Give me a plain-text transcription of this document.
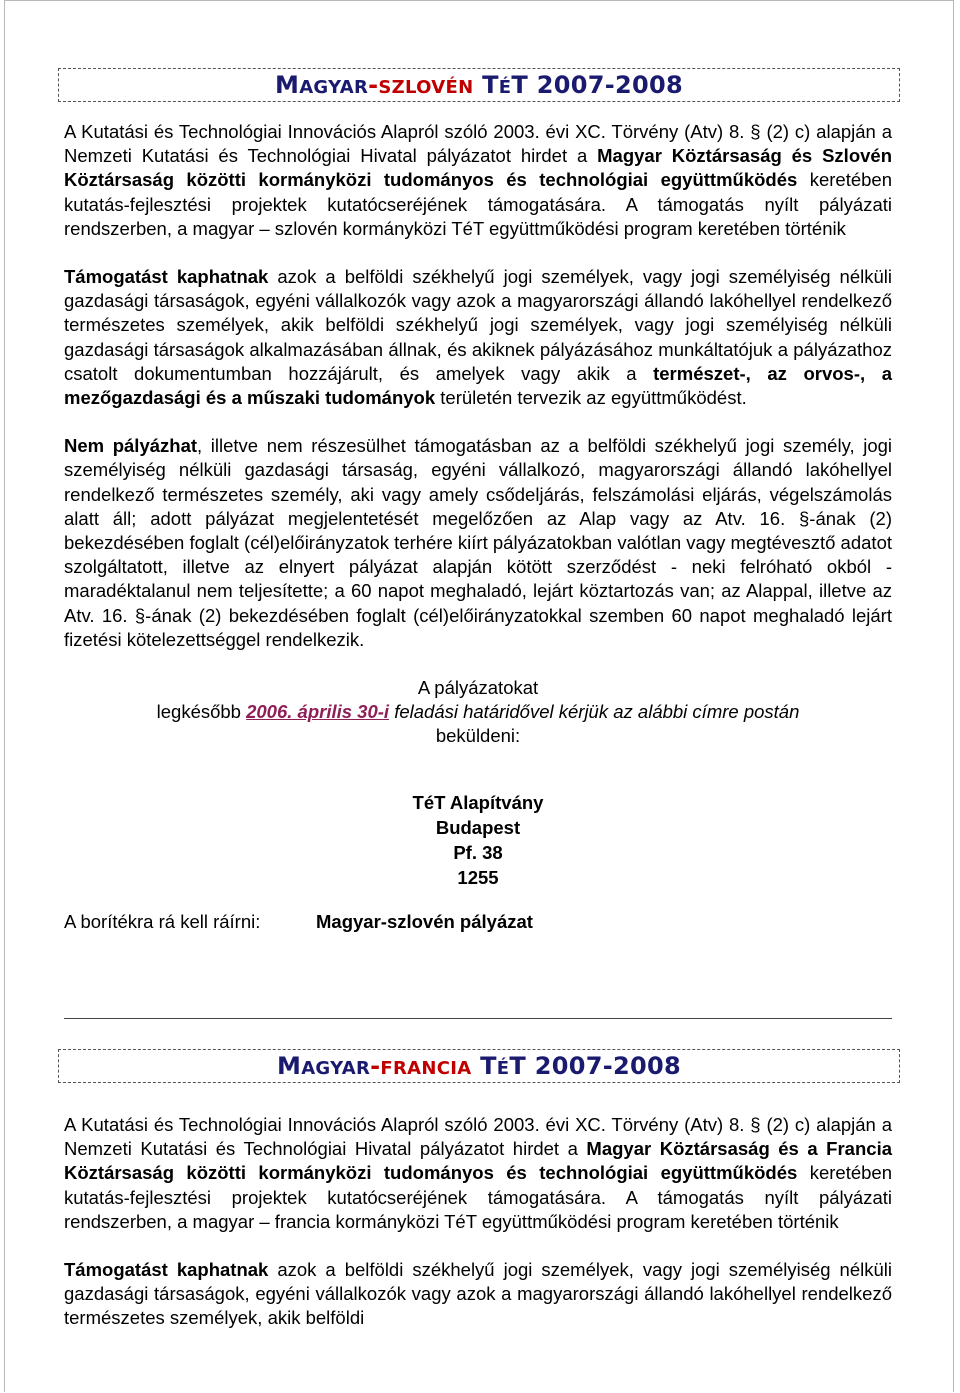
MAGYAR-SZLOVÉN TÉT 2007-2008

A Kutatási és Technológiai Innovációs Alapról szóló 2003. évi XC. Törvény (Atv) 8. § (2) c) alapján a Nemzeti Kutatási és Technológiai Hivatal pályázatot hirdet a Magyar Köztársaság és Szlovén Köztársaság közötti kormányközi tudományos és technológiai együttműködés keretében kutatás-fejlesztési projektek kutatócseréjének támogatására. A támogatás nyílt pályázati rendszerben, a magyar – szlovén kormányközi TéT együttműködési program keretében történik

Támogatást kaphatnak azok a belföldi székhelyű jogi személyek, vagy jogi személyiség nélküli gazdasági társaságok, egyéni vállalkozók vagy azok a magyarországi állandó lakóhellyel rendelkező természetes személyek, akik belföldi székhelyű jogi személyek, vagy jogi személyiség nélküli gazdasági társaságok alkalmazásában állnak, és akiknek pályázásához munkáltatójuk a pályázathoz csatolt dokumentumban hozzájárult, és amelyek vagy akik a természet-, az orvos-, a mezőgazdasági és a műszaki tudományok területén tervezik az együttműködést.

Nem pályázhat, illetve nem részesülhet támogatásban az a belföldi székhelyű jogi személy, jogi személyiség nélküli gazdasági társaság, egyéni vállalkozó, magyarországi állandó lakóhellyel rendelkező természetes személy, aki vagy amely csődeljárás, felszámolási eljárás, végelszámolás alatt áll; adott pályázat megjelentetését megelőzően az Alap vagy az Atv. 16. §-ának (2) bekezdésében foglalt (cél)előirányzatok terhére kiírt pályázatokban valótlan vagy megtévesztő adatot szolgáltatott, illetve az elnyert pályázat alapján kötött szerződést - neki felróható okból - maradéktalanul nem teljesítette; a 60 napot meghaladó, lejárt köztartozás van; az Alappal, illetve az Atv. 16. §-ának (2) bekezdésében foglalt (cél)előirányzatokkal szemben 60 napot meghaladó lejárt fizetési kötelezettséggel rendelkezik.

A pályázatokat

legkésőbb 2006. április 30-i feladási határidővel kérjük az alábbi címre postán

beküldeni:

TéT Alapítvány

Budapest

Pf. 38

1255

A borítékra rá kell ráírni:	Magyar-szlovén pályázat
MAGYAR-FRANCIA TÉT 2007-2008

A Kutatási és Technológiai Innovációs Alapról szóló 2003. évi XC. Törvény (Atv) 8. § (2) c) alapján a Nemzeti Kutatási és Technológiai Hivatal pályázatot hirdet a Magyar Köztársaság és a Francia Köztársaság közötti kormányközi tudományos és technológiai együttműködés keretében kutatás-fejlesztési projektek kutatócseréjének támogatására. A támogatás nyílt pályázati rendszerben, a magyar – francia kormányközi TéT együttműködési program keretében történik

Támogatást kaphatnak azok a belföldi székhelyű jogi személyek, vagy jogi személyiség nélküli gazdasági társaságok, egyéni vállalkozók vagy azok a magyarországi állandó lakóhellyel rendelkező természetes személyek, akik belföldi
